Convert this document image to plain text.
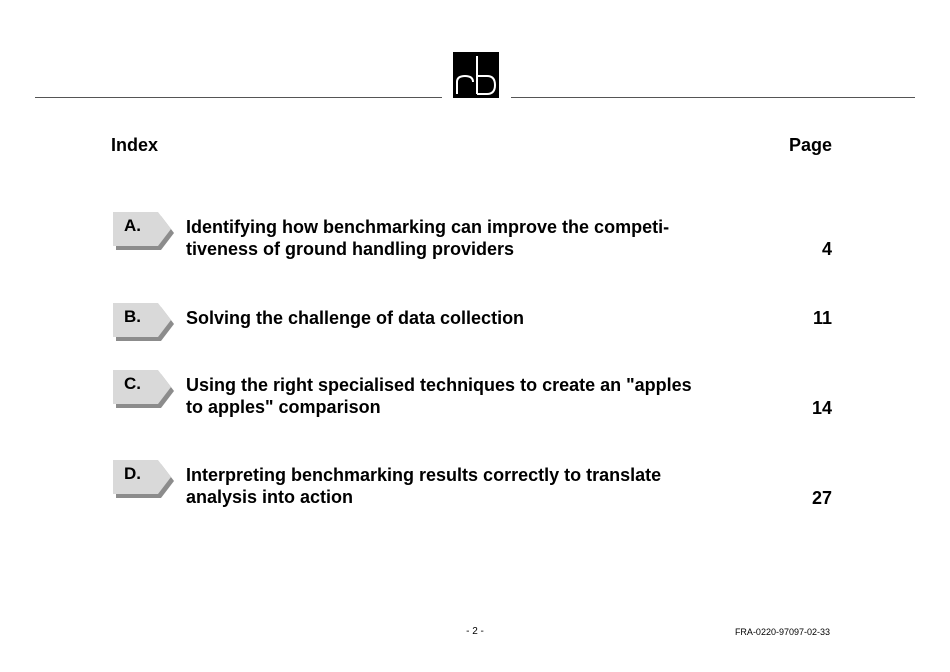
Index	Page
A.	Identifying how benchmarking can improve the competi-
tiveness of ground handling providers	4
B.	Solving the challenge of data collection	11
C.	Using the right specialised techniques to create an "apples
to apples" comparison	14
D.	Interpreting benchmarking results correctly to translate
analysis into action	27
- 2 -	FRA-0220-97097-02-33
